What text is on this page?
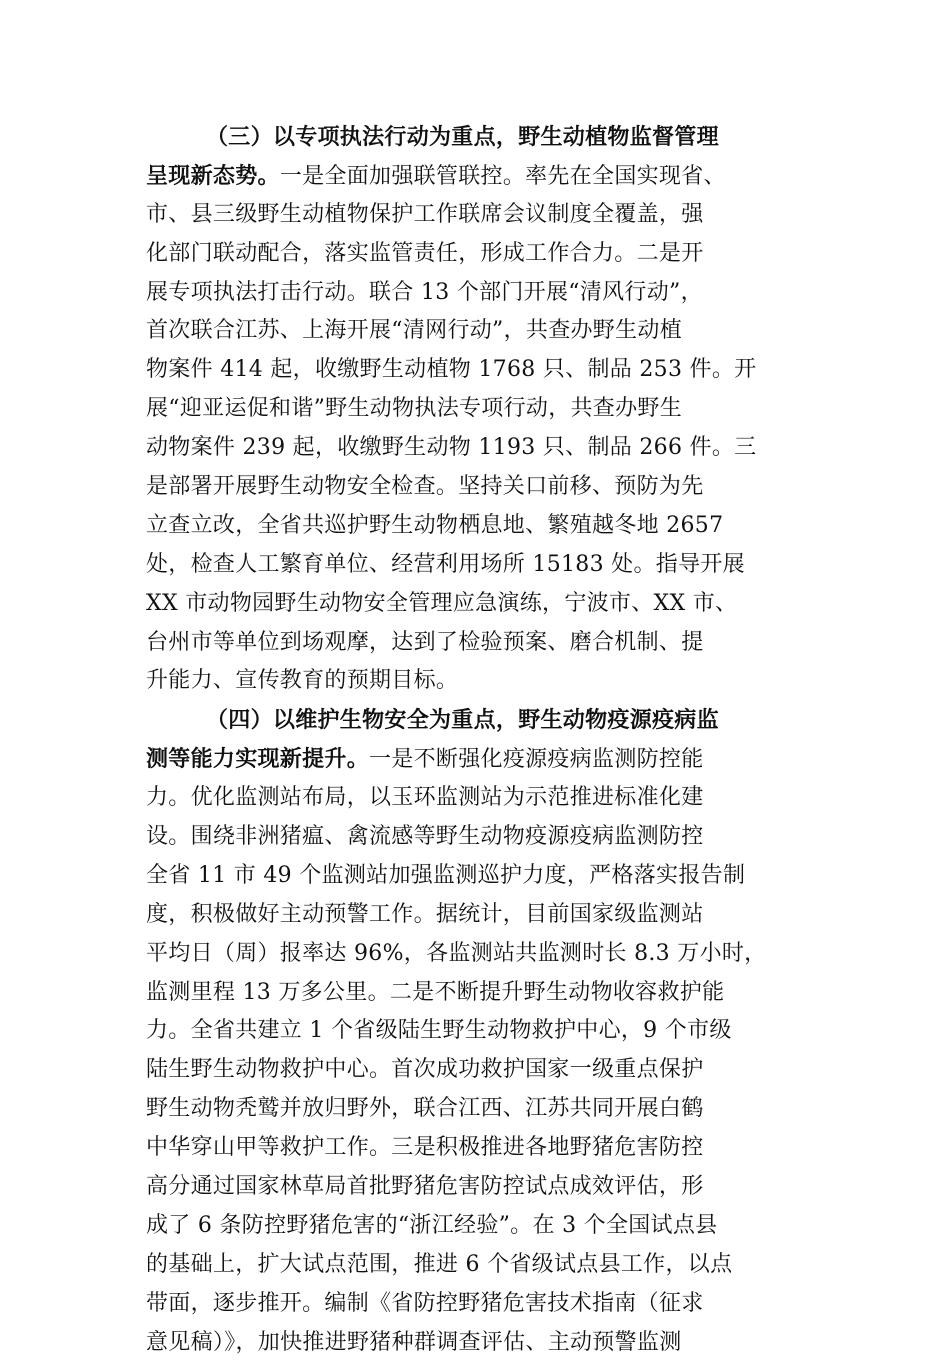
（三）以专项执法行动为重点，野生动植物监督管理
呈现新态势。一是全面加强联管联控。率先在全国实现省、
市、县三级野生动植物保护工作联席会议制度全覆盖，强
化部门联动配合，落实监管责任，形成工作合力。二是开
展专项执法打击行动。联合 13 个部门开展“清风行动”，
首次联合江苏、上海开展“清网行动”，共查办野生动植
物案件 414 起，收缴野生动植物 1768 只、制品 253 件。开
展“迎亚运促和谐”野生动物执法专项行动，共查办野生
动物案件 239 起，收缴野生动物 1193 只、制品 266 件。三
是部署开展野生动物安全检查。坚持关口前移、预防为先
立查立改，全省共巡护野生动物栖息地、繁殖越冬地 2657
处，检查人工繁育单位、经营利用场所 15183 处。指导开展
XX 市动物园野生动物安全管理应急演练，宁波市、XX 市、
台州市等单位到场观摩，达到了检验预案、磨合机制、提
升能力、宣传教育的预期目标。
（四）以维护生物安全为重点，野生动物疫源疫病监
测等能力实现新提升。一是不断强化疫源疫病监测防控能
力。优化监测站布局，以玉环监测站为示范推进标准化建
设。围绕非洲猪瘟、禽流感等野生动物疫源疫病监测防控
全省 11 市 49 个监测站加强监测巡护力度，严格落实报告制
度，积极做好主动预警工作。据统计，目前国家级监测站
平均日（周）报率达 96%，各监测站共监测时长 8.3 万小时，
监测里程 13 万多公里。二是不断提升野生动物收容救护能
力。全省共建立 1 个省级陆生野生动物救护中心，9 个市级
陆生野生动物救护中心。首次成功救护国家一级重点保护
野生动物秃鹫并放归野外，联合江西、江苏共同开展白鹤
中华穿山甲等救护工作。三是积极推进各地野猪危害防控
高分通过国家林草局首批野猪危害防控试点成效评估，形
成了 6 条防控野猪危害的“浙江经验”。在 3 个全国试点县
的基础上，扩大试点范围，推进 6 个省级试点县工作，以点
带面，逐步推开。编制《省防控野猪危害技术指南（征求
意见稿）》，加快推进野猪种群调查评估、主动预警监测
